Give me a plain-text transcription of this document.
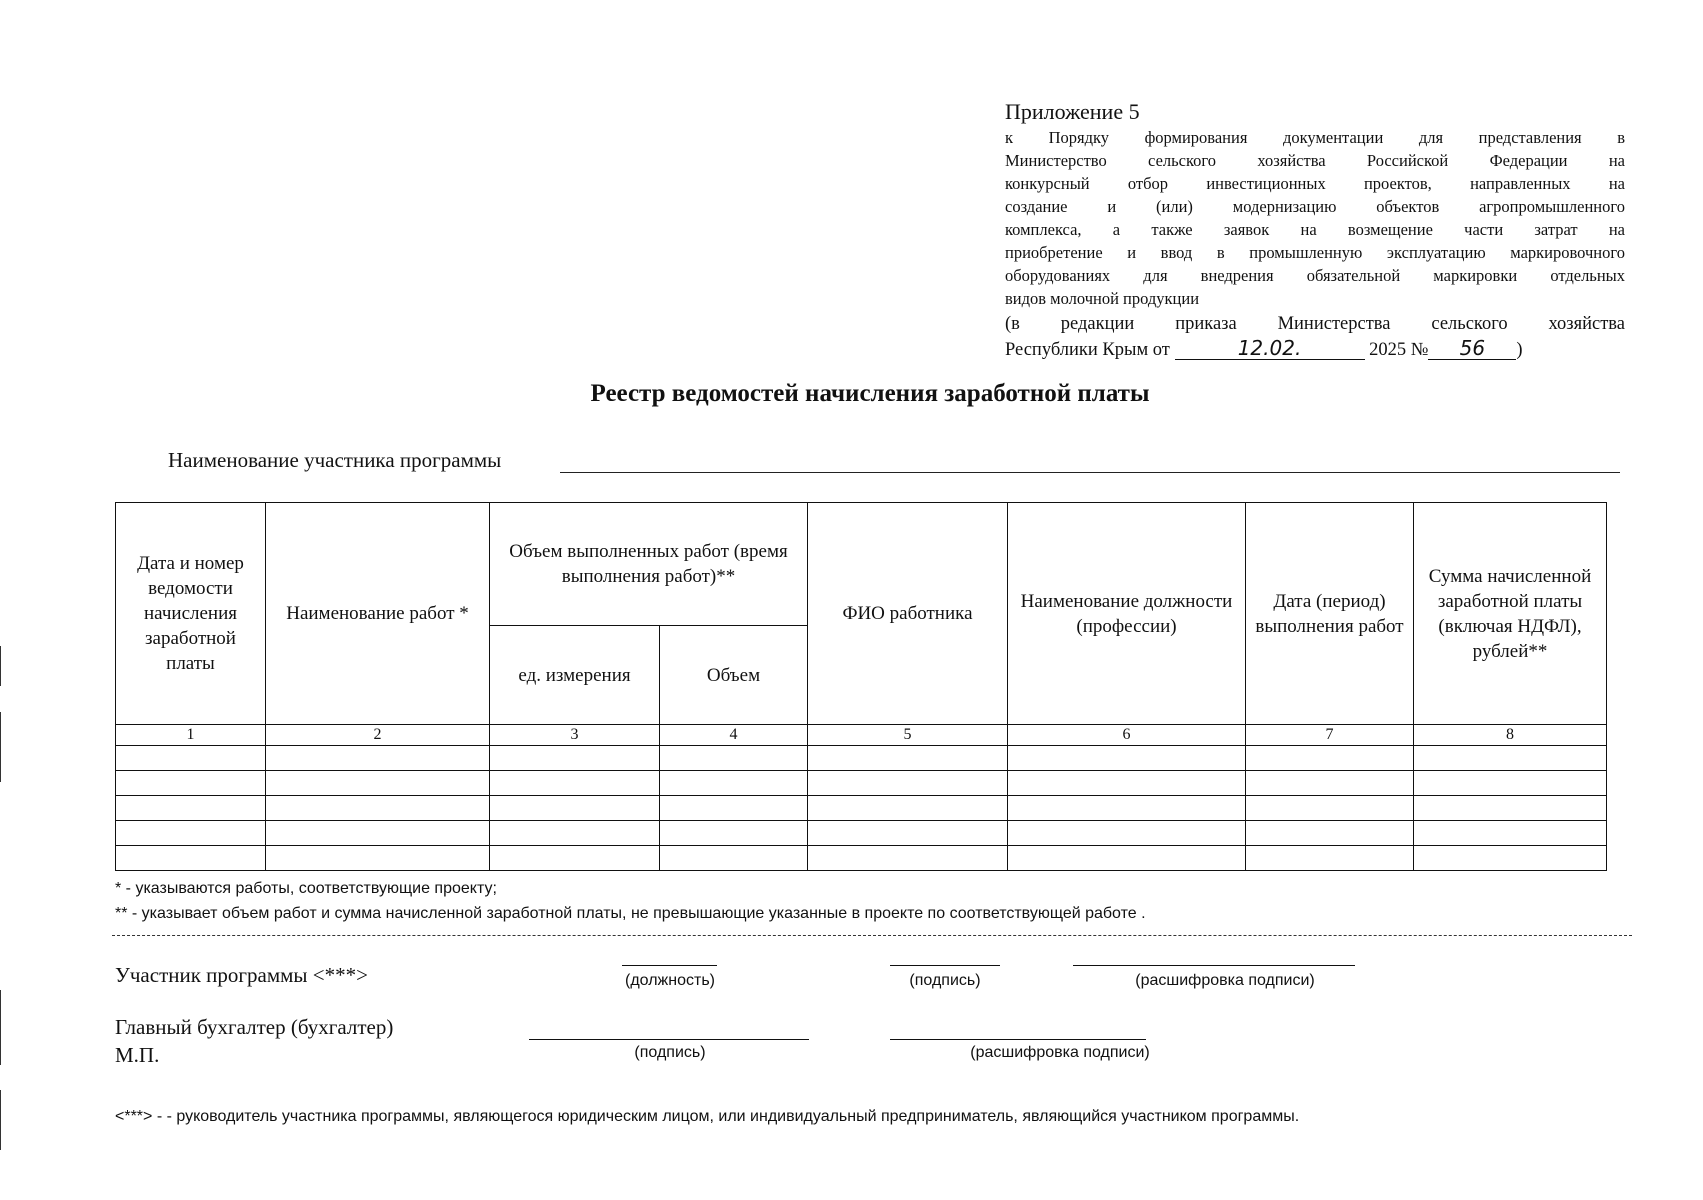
Приложение 5
к Порядку формирования документации для представления в
Министерство сельского хозяйства Российской Федерации на
конкурсный отбор инвестиционных проектов, направленных на
создание и (или) модернизацию объектов агропромышленного
комплекса, а также заявок на возмещение части затрат на
приобретение и ввод в промышленную эксплуатацию маркировочного
оборудованиях для внедрения обязательной маркировки отдельных
видов молочной продукции
(в редакции приказа Министерства сельского хозяйства
Республики Крым от	12.02.	2025 № 56 )
Реестр ведомостей начисления заработной платы
Наименование участника программы
Дата и номер ведомости начисления заработной платы	Наименование работ *	Объем выполненных работ (время выполнения работ)**		ФИО работника	Наименование должности (профессии)	Дата (период) выполнения работ	Сумма начисленной заработной платы (включая НДФЛ), рублей**
		ед. измерения	Объем				
1	2	3	4	5	6	7	8

* - указываются работы, соответствующие проекту;
** - указывает объем работ и сумма начисленной заработной платы, не превышающие указанные в проекте по соответствующей работе .
Участник программы <***>	(должность)	(подпись)	(расшифровка подписи)
Главный бухгалтер (бухгалтер)
М.П.	(подпись)	(расшифровка подписи)
<***> - - руководитель участника программы, являющегося юридическим лицом, или индивидуальный предприниматель, являющийся участником программы.
